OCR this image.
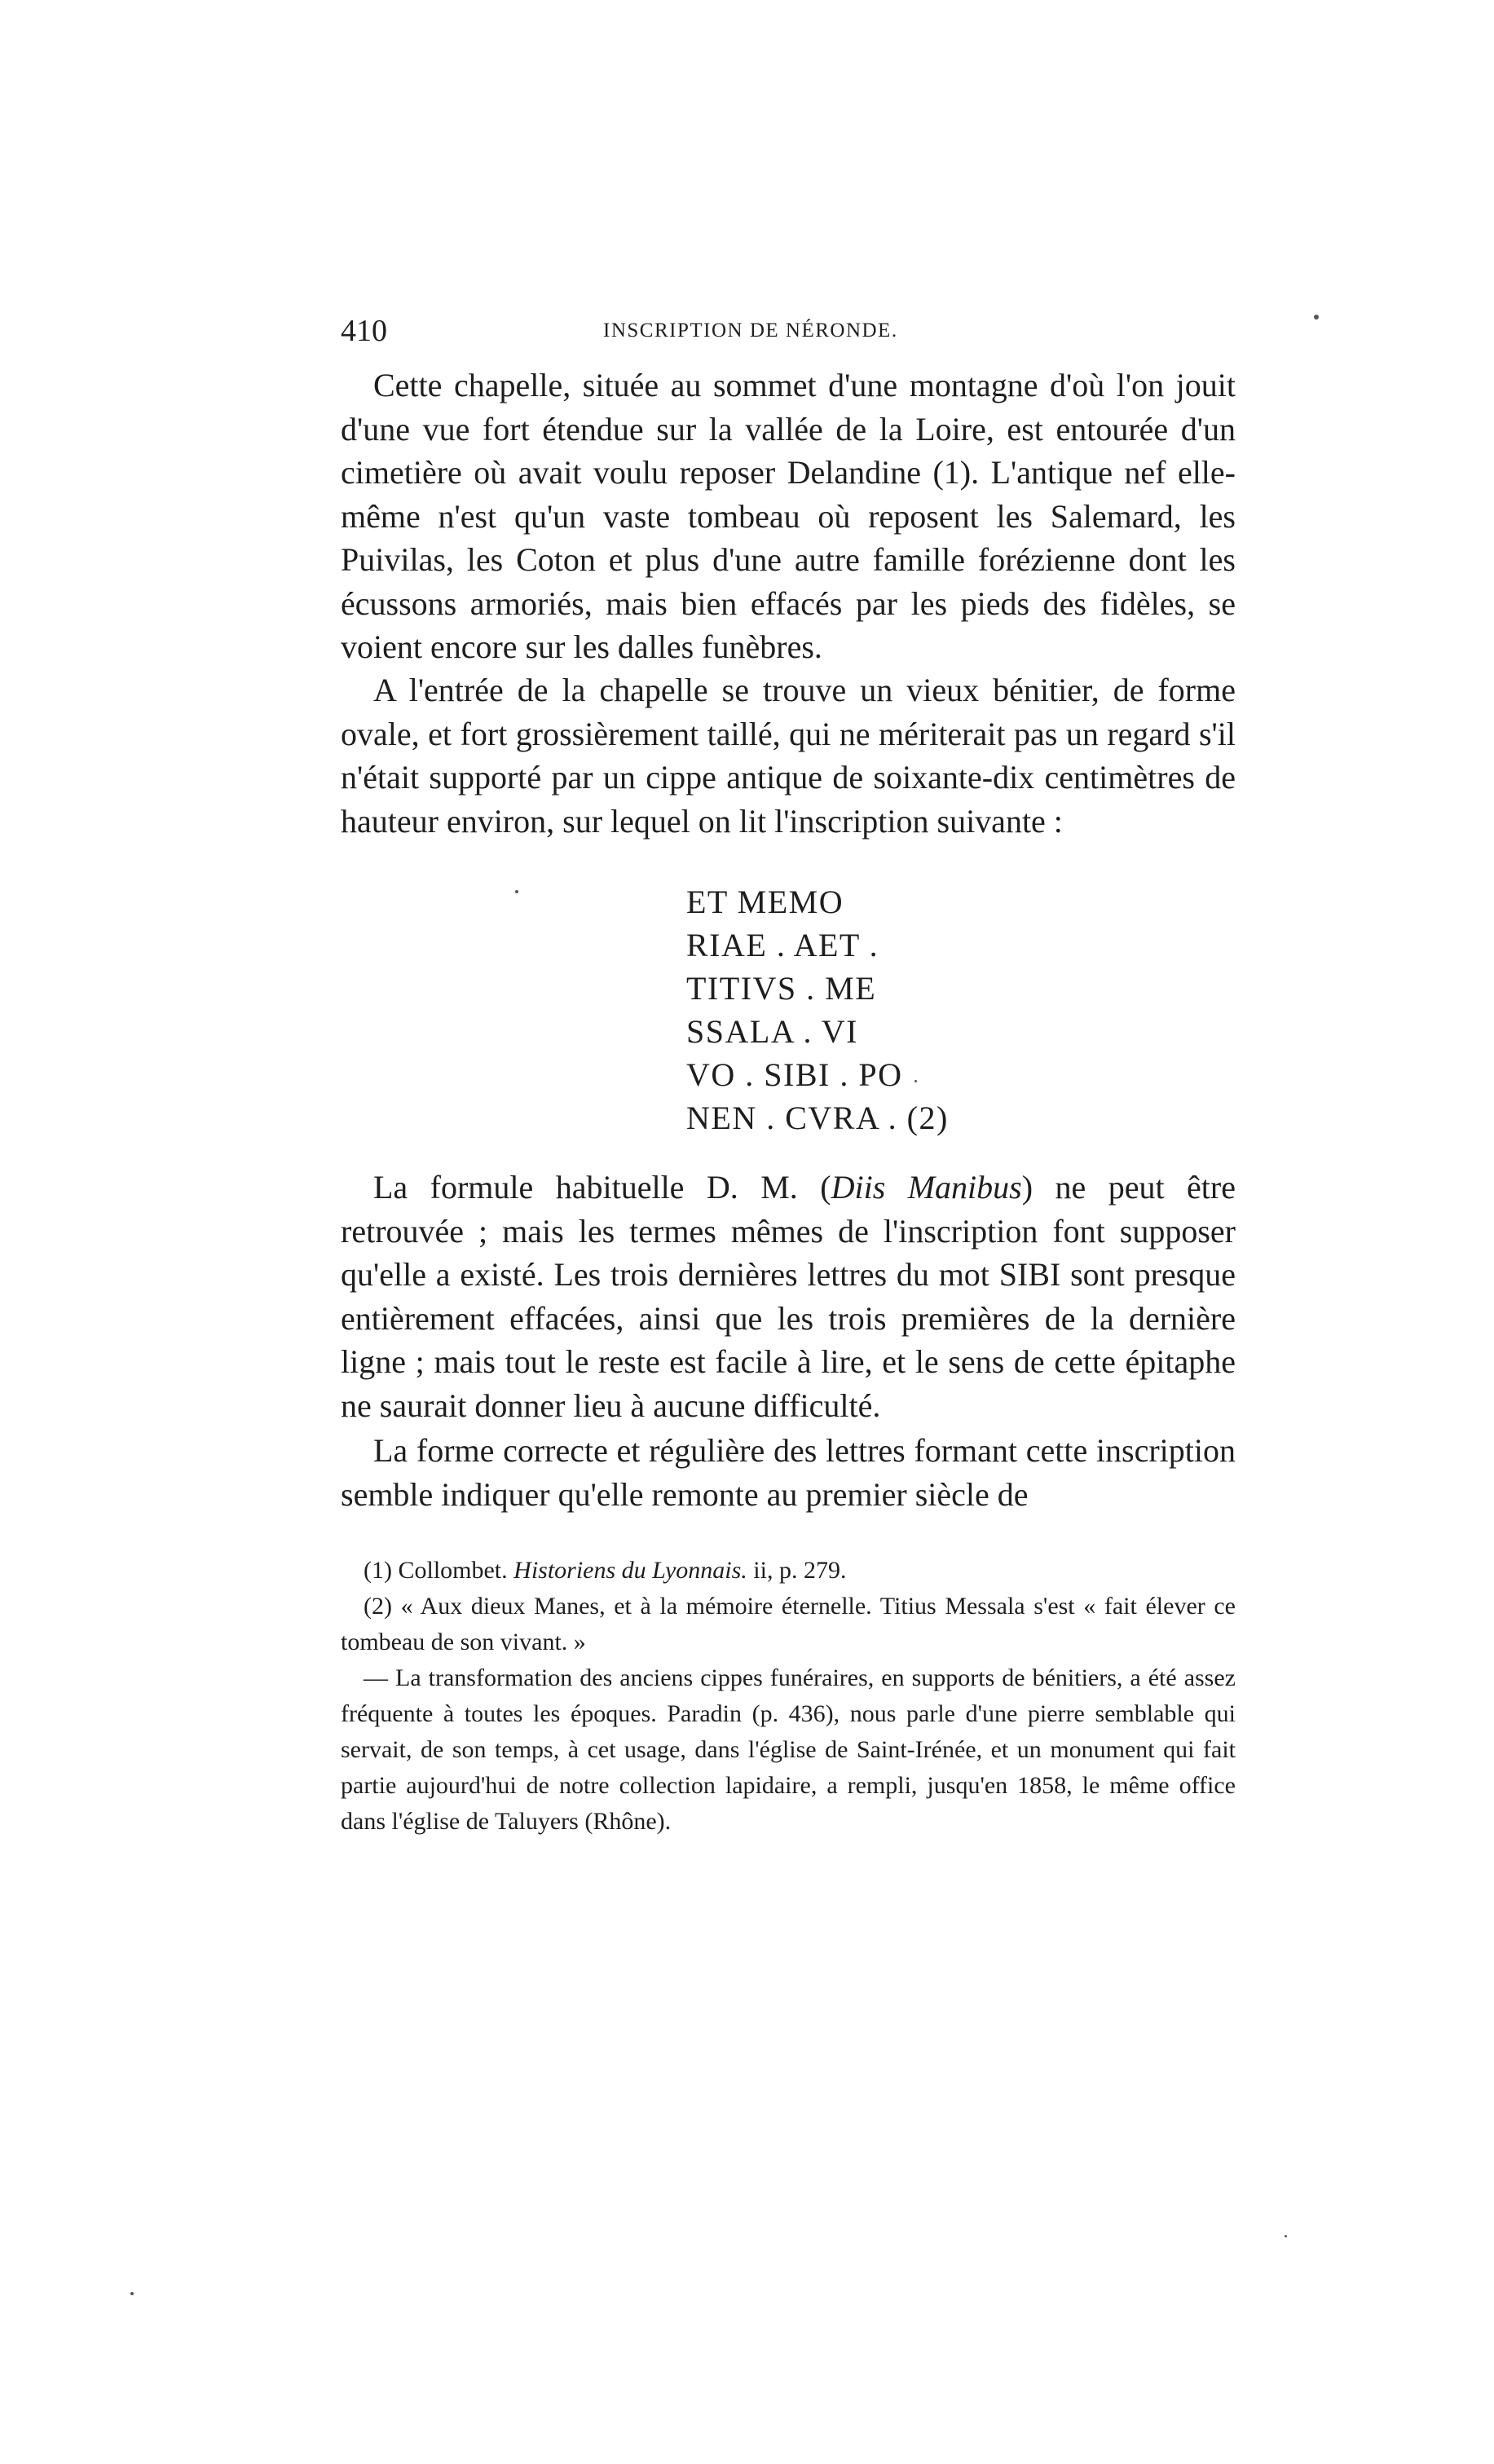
410	INSCRIPTION DE NÉRONDE.
Cette chapelle, située au sommet d'une montagne d'où l'on jouit d'une vue fort étendue sur la vallée de la Loire, est entourée d'un cimetière où avait voulu reposer Delandine (1). L'antique nef elle-même n'est qu'un vaste tombeau où reposent les Salemard, les Puivilas, les Coton et plus d'une autre famille forézienne dont les écussons armoriés, mais bien effacés par les pieds des fidèles, se voient encore sur les dalles funèbres.
A l'entrée de la chapelle se trouve un vieux bénitier, de forme ovale, et fort grossièrement taillé, qui ne mériterait pas un regard s'il n'était supporté par un cippe antique de soixante-dix centimètres de hauteur environ, sur lequel on lit l'inscription suivante :
ET MEMO
RIAE . AET .
TITIVS . ME
SSALA . VI
VO . SIBI . PO
NEN . CVRA . (2)
La formule habituelle D. M. (Diis Manibus) ne peut être retrouvée ; mais les termes mêmes de l'inscription font supposer qu'elle a existé. Les trois dernières lettres du mot SIBI sont presque entièrement effacées, ainsi que les trois premières de la dernière ligne ; mais tout le reste est facile à lire, et le sens de cette épitaphe ne saurait donner lieu à aucune difficulté.
La forme correcte et régulière des lettres formant cette inscription semble indiquer qu'elle remonte au premier siècle de
(1) Collombet. Historiens du Lyonnais. ii, p. 279.
(2) « Aux dieux Manes, et à la mémoire éternelle. Titius Messala s'est « fait élever ce tombeau de son vivant. »
— La transformation des anciens cippes funéraires, en supports de bénitiers, a été assez fréquente à toutes les époques. Paradin (p. 436), nous parle d'une pierre semblable qui servait, de son temps, à cet usage, dans l'église de Saint-Irénée, et un monument qui fait partie aujourd'hui de notre collection lapidaire, a rempli, jusqu'en 1858, le même office dans l'église de Taluyers (Rhône).
